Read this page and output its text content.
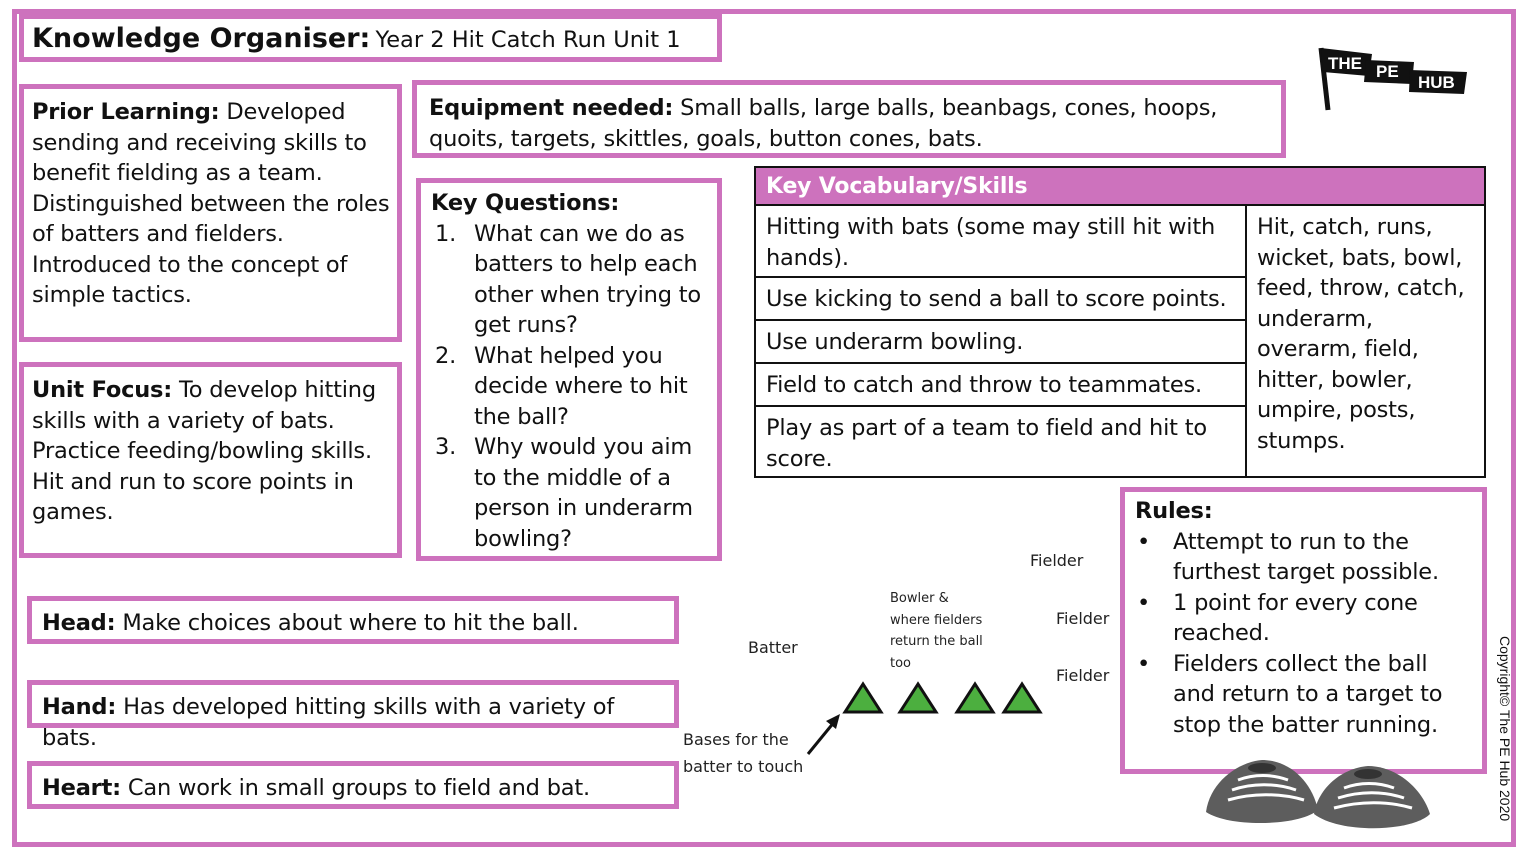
Knowledge Organiser: Year 2 Hit Catch Run Unit 1
THE PE
HUB
Prior Learning: Developed
sending and receiving skills to
benefit fielding as a team.
Distinguished between the roles
of batters and fielders.
Introduced to the concept of
simple tactics.
Unit Focus: To develop hitting
skills with a variety of bats.
Practice feeding/bowling skills.
Hit and run to score points in
games.
Equipment needed: Small balls, large balls, beanbags, cones, hoops,
quoits, targets, skittles, goals, button cones, bats.
Key Questions:
1. What can we do as
batters to help each
other when trying to
get runs?
2. What helped you
decide where to hit
the ball?
3. Why would you aim
to the middle of a
person in underarm
bowling?
Key Vocabulary/Skills
Hitting with bats (some may still hit with
hands).
Use kicking to send a ball to score points.
Use underarm bowling.
Field to catch and throw to teammates.
Play as part of a team to field and hit to
score.
Hit, catch, runs,
wicket, bats, bowl,
feed, throw, catch,
underarm,
overarm, field,
hitter, bowler,
umpire, posts,
stumps.
Rules:
• Attempt to run to the
furthest target possible.
• 1 point for every cone
reached.
• Fielders collect the ball
and return to a target to
stop the batter running.
Head: Make choices about where to hit the ball.
Hand: Has developed hitting skills with a variety of bats.
Heart: Can work in small groups to field and bat.
Fielder
Fielder
Fielder
Batter
Bowler &
where fielders
return the ball
too
Bases for the
batter to touch	Copyright© The PE Hub 2020
